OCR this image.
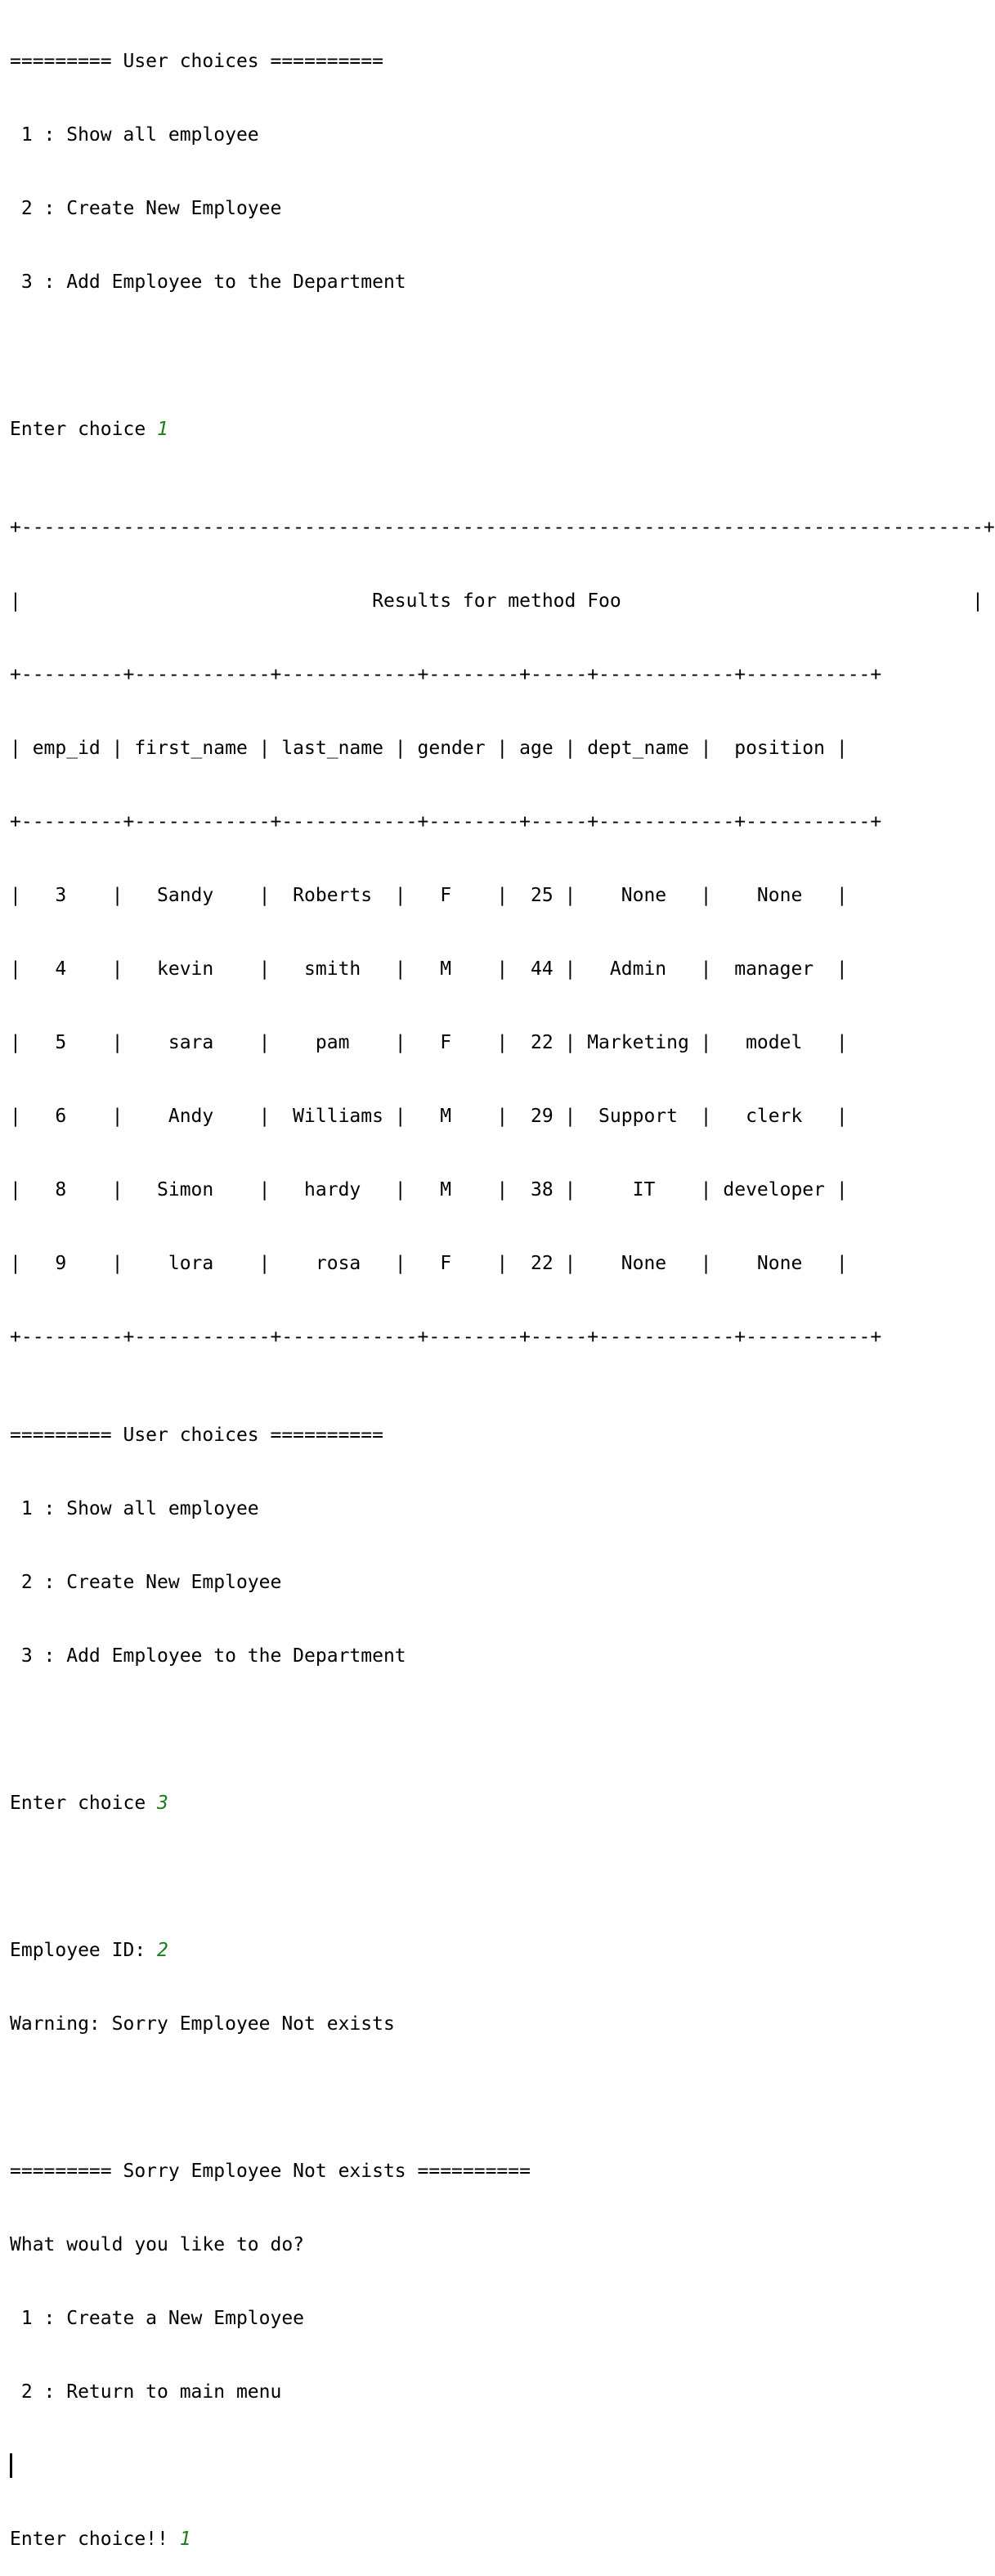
========= User choices ==========

1 : Show all employee

2 : Create New Employee

3 : Add Employee to the Department

Enter choice 1

+-------------------------------------------------------------------------------------+

|                               Results for method Foo                               |

+---------+------------+------------+--------+-----+------------+-----------+

| emp_id | first_name | last_name | gender | age | dept_name |  position |

+---------+------------+------------+--------+-----+------------+-----------+

|   3    |   Sandy    |  Roberts  |   F    |  25 |    None   |    None   |

|   4    |   kevin    |   smith   |   M    |  44 |   Admin   |  manager  |

|   5    |    sara    |    pam    |   F    |  22 | Marketing |   model   |

|   6    |    Andy    |  Williams |   M    |  29 |  Support  |   clerk   |

|   8    |   Simon    |   hardy   |   M    |  38 |     IT    | developer |

|   9    |    lora    |    rosa   |   F    |  22 |    None   |    None   |

+---------+------------+------------+--------+-----+------------+-----------+

========= User choices ==========

1 : Show all employee

2 : Create New Employee

3 : Add Employee to the Department

Enter choice 3

Employee ID: 2

Warning: Sorry Employee Not exists

========= Sorry Employee Not exists ==========

What would you like to do?

1 : Create a New Employee

2 : Return to main menu

Enter choice!! 1
